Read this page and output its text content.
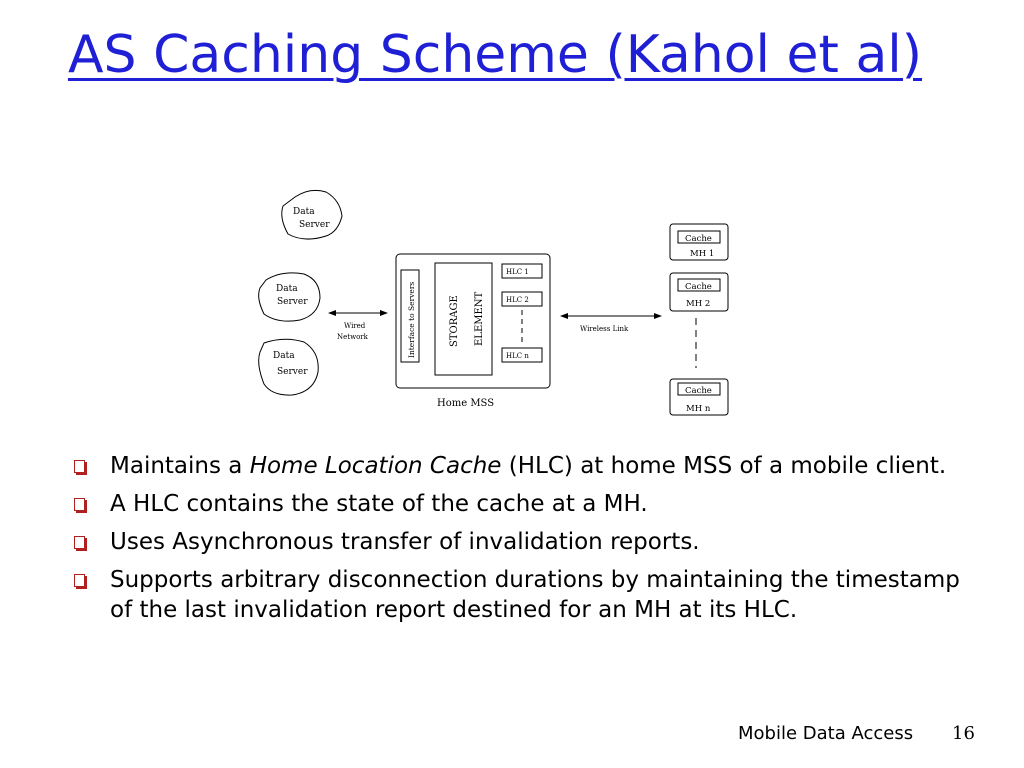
AS Caching Scheme (Kahol et al)
Data
Server
Data
Server
Data
Server
Wired
Network	Interface to Servers	STORAGE ELEMENT
HLC 1
HLC 2
HLC n
Home MSS
Wireless Link
Cache
MH 1
Cache
MH 2
Cache
MH n
Maintains a Home Location Cache (HLC) at home MSS of a mobile client.
A HLC contains the state of the cache at a MH.
Uses Asynchronous transfer of invalidation reports.
Supports arbitrary disconnection durations by maintaining the timestamp of the last invalidation report destined for an MH at its HLC.
Mobile Data Access 16
